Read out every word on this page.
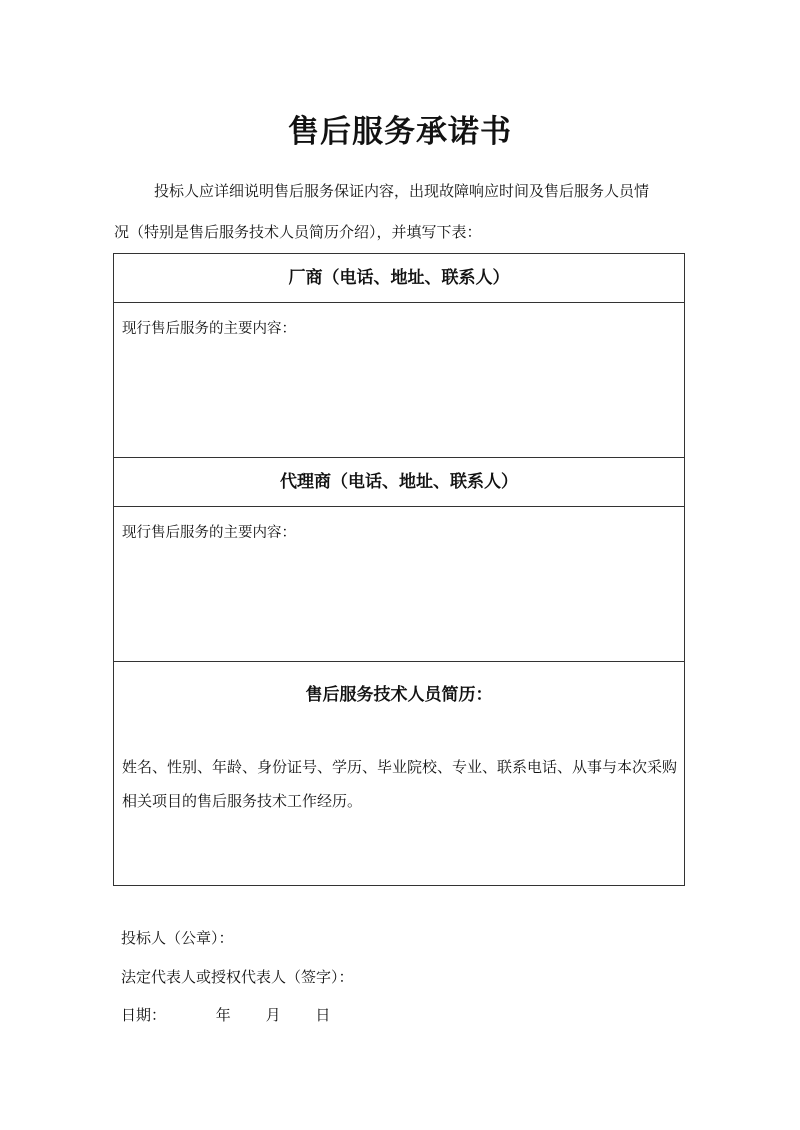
售后服务承诺书
投标人应详细说明售后服务保证内容，出现故障响应时间及售后服务人员情
况（特别是售后服务技术人员简历介绍），并填写下表：
厂商（电话、地址、联系人）
现行售后服务的主要内容：
代理商（电话、地址、联系人）
现行售后服务的主要内容：
售后服务技术人员简历：
姓名、性别、年龄、身份证号、学历、毕业院校、专业、联系电话、从事与本次采购相关项目的售后服务技术工作经历。
投标人（公章）：
法定代表人或授权代表人（签字）：
日期：	年 月 日
